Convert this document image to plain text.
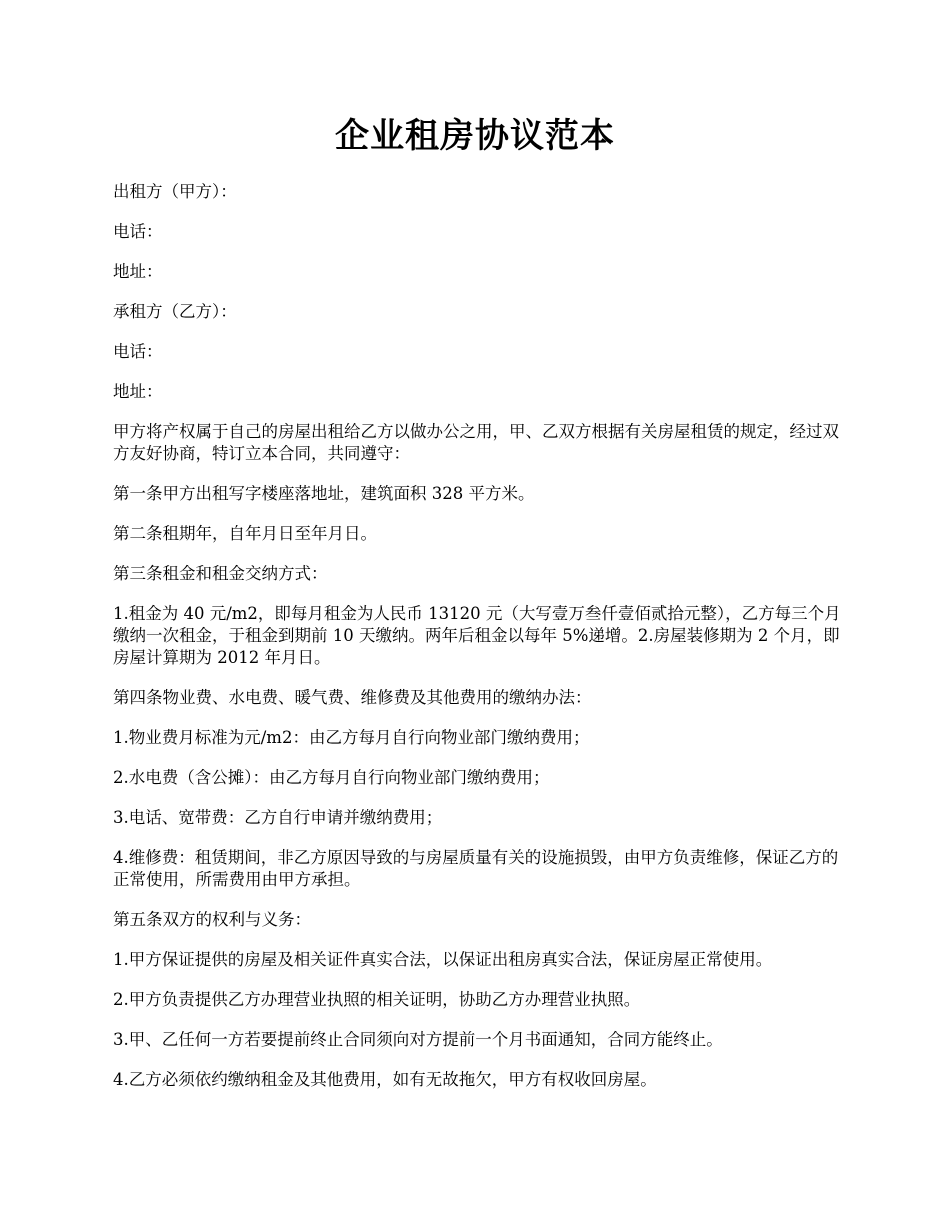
企业租房协议范本

出租方（甲方）：

电话：

地址：

承租方（乙方）：

电话：

地址：

甲方将产权属于自己的房屋出租给乙方以做办公之用，甲、乙双方根据有关房屋租赁的规定，经过双方友好协商，特订立本合同，共同遵守：

第一条甲方出租写字楼座落地址，建筑面积 328 平方米。

第二条租期年，自年月日至年月日。

第三条租金和租金交纳方式：

1.租金为 40 元/m2，即每月租金为人民币 13120 元（大写壹万叁仟壹佰贰拾元整），乙方每三个月缴纳一次租金，于租金到期前 10 天缴纳。两年后租金以每年 5%递增。2.房屋装修期为 2 个月，即房屋计算期为 2012 年月日。

第四条物业费、水电费、暖气费、维修费及其他费用的缴纳办法：

1.物业费月标准为元/m2：由乙方每月自行向物业部门缴纳费用；

2.水电费（含公摊）：由乙方每月自行向物业部门缴纳费用；

3.电话、宽带费：乙方自行申请并缴纳费用；

4.维修费：租赁期间，非乙方原因导致的与房屋质量有关的设施损毁，由甲方负责维修，保证乙方的正常使用，所需费用由甲方承担。

第五条双方的权利与义务：

1.甲方保证提供的房屋及相关证件真实合法，以保证出租房真实合法，保证房屋正常使用。

2.甲方负责提供乙方办理营业执照的相关证明，协助乙方办理营业执照。

3.甲、乙任何一方若要提前终止合同须向对方提前一个月书面通知，合同方能终止。

4.乙方必须依约缴纳租金及其他费用，如有无故拖欠，甲方有权收回房屋。
